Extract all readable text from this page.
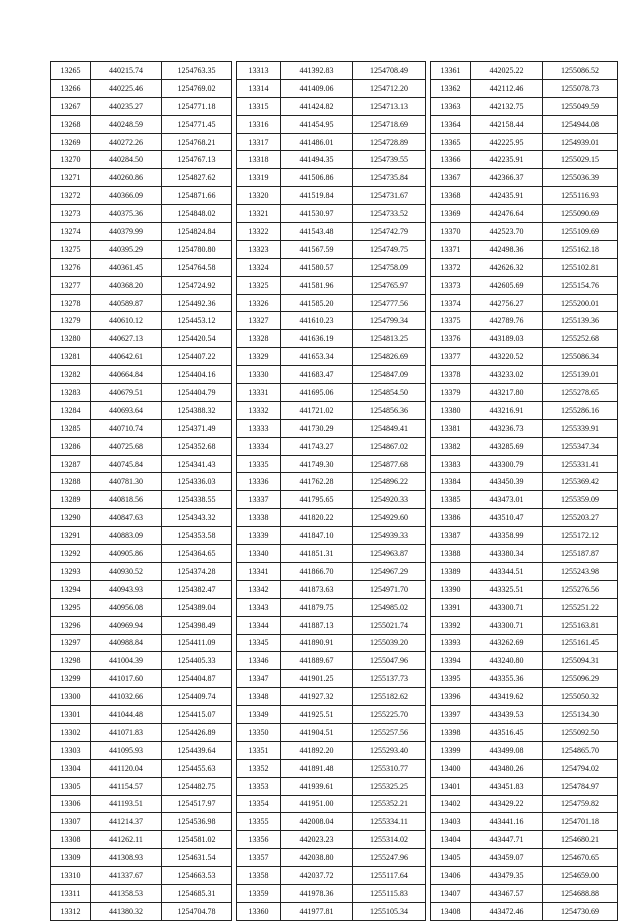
13265	440215.74	1254763.35		13313	441392.83	1254708.49		13361	442025.22	1255086.52
13266	440225.46	1254769.02		13314	441409.06	1254712.20		13362	442112.46	1255078.73
13267	440235.27	1254771.18		13315	441424.82	1254713.13		13363	442132.75	1255049.59
13268	440248.59	1254771.45		13316	441454.95	1254718.69		13364	442158.44	1254944.08
13269	440272.26	1254768.21		13317	441486.01	1254728.89		13365	442225.95	1254939.01
13270	440284.50	1254767.13		13318	441494.35	1254739.55		13366	442235.91	1255029.15
13271	440260.86	1254827.62		13319	441506.86	1254735.84		13367	442366.37	1255036.39
13272	440366.09	1254871.66		13320	441519.84	1254731.67		13368	442435.91	1255116.93
13273	440375.36	1254848.02		13321	441530.97	1254733.52		13369	442476.64	1255090.69
13274	440379.99	1254824.84		13322	441543.48	1254742.79		13370	442523.70	1255109.69
13275	440395.29	1254780.80		13323	441567.59	1254749.75		13371	442498.36	1255162.18
13276	440361.45	1254764.58		13324	441580.57	1254758.09		13372	442626.32	1255102.81
13277	440368.20	1254724.92		13325	441581.96	1254765.97		13373	442605.69	1255154.76
13278	440589.87	1254492.36		13326	441585.20	1254777.56		13374	442756.27	1255200.01
13279	440610.12	1254453.12		13327	441610.23	1254799.34		13375	442789.76	1255139.36
13280	440627.13	1254420.54		13328	441636.19	1254813.25		13376	443189.03	1255252.68
13281	440642.61	1254407.22		13329	441653.34	1254826.69		13377	443220.52	1255086.34
13282	440664.84	1254404.16		13330	441683.47	1254847.09		13378	443233.02	1255139.01
13283	440679.51	1254404.79		13331	441695.06	1254854.50		13379	443217.80	1255278.65
13284	440693.64	1254388.32		13332	441721.02	1254856.36		13380	443216.91	1255286.16
13285	440710.74	1254371.49		13333	441730.29	1254849.41		13381	443236.73	1255339.91
13286	440725.68	1254352.68		13334	441743.27	1254867.02		13382	443285.69	1255347.34
13287	440745.84	1254341.43		13335	441749.30	1254877.68		13383	443300.79	1255331.41
13288	440781.30	1254336.03		13336	441762.28	1254896.22		13384	443450.39	1255369.42
13289	440818.56	1254338.55		13337	441795.65	1254920.33		13385	443473.01	1255359.09
13290	440847.63	1254343.32		13338	441820.22	1254929.60		13386	443510.47	1255203.27
13291	440883.09	1254353.58		13339	441847.10	1254939.33		13387	443358.99	1255172.12
13292	440905.86	1254364.65		13340	441851.31	1254963.87		13388	443380.34	1255187.87
13293	440930.52	1254374.28		13341	441866.70	1254967.29		13389	443344.51	1255243.98
13294	440943.93	1254382.47		13342	441873.63	1254971.70		13390	443325.51	1255276.56
13295	440956.08	1254389.04		13343	441879.75	1254985.02		13391	443300.71	1255251.22
13296	440969.94	1254398.49		13344	441887.13	1255021.74		13392	443300.71	1255163.81
13297	440988.84	1254411.09		13345	441890.91	1255039.20		13393	443262.69	1255161.45
13298	441004.39	1254405.33		13346	441889.67	1255047.96		13394	443240.80	1255094.31
13299	441017.60	1254404.87		13347	441901.25	1255137.73		13395	443355.36	1255096.29
13300	441032.66	1254409.74		13348	441927.32	1255182.62		13396	443419.62	1255050.32
13301	441044.48	1254415.07		13349	441925.51	1255225.70		13397	443439.53	1255134.30
13302	441071.83	1254426.89		13350	441904.51	1255257.56		13398	443516.45	1255092.50
13303	441095.93	1254439.64		13351	441892.20	1255293.40		13399	443499.08	1254865.70
13304	441120.04	1254455.63		13352	441891.48	1255310.77		13400	443480.26	1254794.02
13305	441154.57	1254482.75		13353	441939.61	1255325.25		13401	443451.83	1254784.97
13306	441193.51	1254517.97		13354	441951.00	1255352.21		13402	443429.22	1254759.82
13307	441214.37	1254536.98		13355	442008.04	1255334.11		13403	443441.16	1254701.18
13308	441262.11	1254581.02		13356	442023.23	1255314.02		13404	443447.71	1254680.21
13309	441308.93	1254631.54		13357	442038.80	1255247.96		13405	443459.07	1254670.65
13310	441337.67	1254663.53		13358	442037.72	1255117.64		13406	443479.35	1254659.00
13311	441358.53	1254685.31		13359	441978.36	1255115.83		13407	443467.57	1254688.88
13312	441380.32	1254704.78		13360	441977.81	1255105.34		13408	443472.46	1254730.69
